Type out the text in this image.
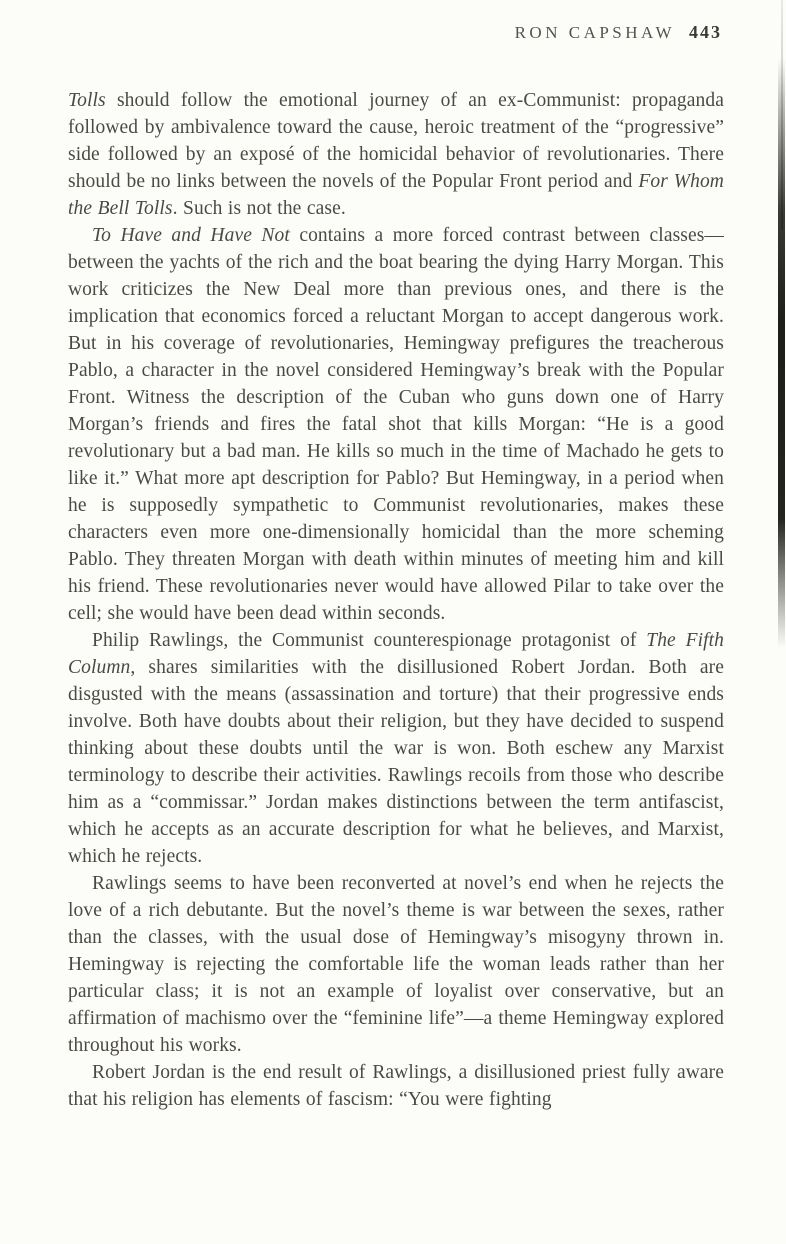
RON CAPSHAW 443

Tolls should follow the emotional journey of an ex-Communist: propaganda followed by ambivalence toward the cause, heroic treatment of the “progressive” side followed by an exposé of the homicidal behavior of revolutionaries. There should be no links between the novels of the Popular Front period and For Whom the Bell Tolls. Such is not the case.

To Have and Have Not contains a more forced contrast between classes—between the yachts of the rich and the boat bearing the dying Harry Morgan. This work criticizes the New Deal more than previous ones, and there is the implication that economics forced a reluctant Morgan to accept dangerous work. But in his coverage of revolutionaries, Hemingway prefigures the treacherous Pablo, a character in the novel considered Hemingway’s break with the Popular Front. Witness the description of the Cuban who guns down one of Harry Morgan’s friends and fires the fatal shot that kills Morgan: “He is a good revolutionary but a bad man. He kills so much in the time of Machado he gets to like it.” What more apt description for Pablo? But Hemingway, in a period when he is supposedly sympathetic to Communist revolutionaries, makes these characters even more one-dimensionally homicidal than the more scheming Pablo. They threaten Morgan with death within minutes of meeting him and kill his friend. These revolutionaries never would have allowed Pilar to take over the cell; she would have been dead within seconds.

Philip Rawlings, the Communist counterespionage protagonist of The Fifth Column, shares similarities with the disillusioned Robert Jordan. Both are disgusted with the means (assassination and torture) that their progressive ends involve. Both have doubts about their religion, but they have decided to suspend thinking about these doubts until the war is won. Both eschew any Marxist terminology to describe their activities. Rawlings recoils from those who describe him as a “commissar.” Jordan makes distinctions between the term antifascist, which he accepts as an accurate description for what he believes, and Marxist, which he rejects.

Rawlings seems to have been reconverted at novel’s end when he rejects the love of a rich debutante. But the novel’s theme is war between the sexes, rather than the classes, with the usual dose of Hemingway’s misogyny thrown in. Hemingway is rejecting the comfortable life the woman leads rather than her particular class; it is not an example of loyalist over conservative, but an affirmation of machismo over the “feminine life”—a theme Hemingway explored throughout his works.

Robert Jordan is the end result of Rawlings, a disillusioned priest fully aware that his religion has elements of fascism: “You were fighting
